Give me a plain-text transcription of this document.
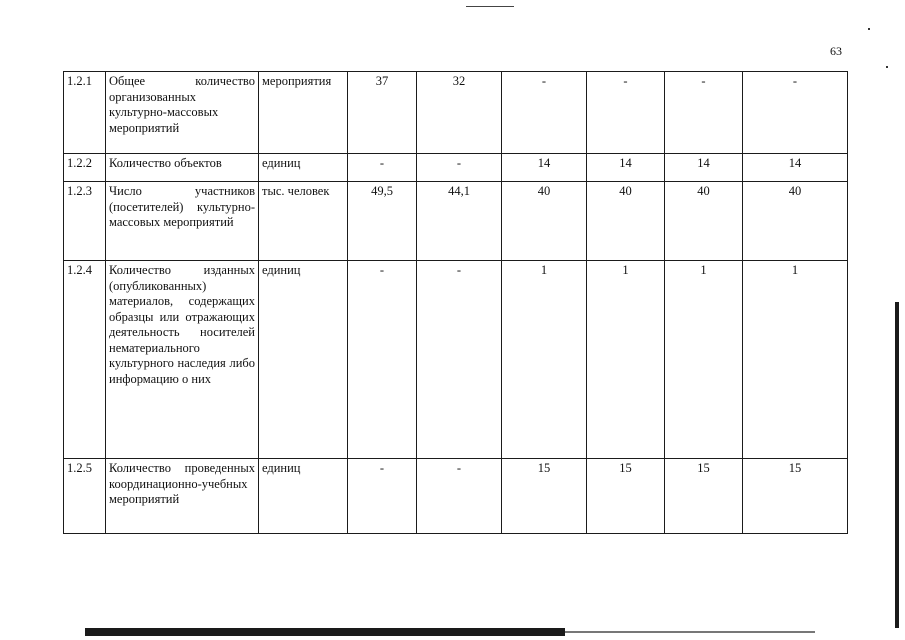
63
1.2.1	Общее количество организованных культурно-массовых мероприятий	мероприятия	37	32	-	-	-	-
1.2.2	Количество объектов	единиц	-	-	14	14	14	14
1.2.3	Число участников (посетителей) культурно-массовых мероприятий	тыс. человек	49,5	44,1	40	40	40	40
1.2.4	Количество изданных (опубликованных) материалов, содержащих образцы или отражающих деятельность носителей нематериального культурного наследия либо информацию о них	единиц	-	-	1	1	1	1
1.2.5	Количество проведенных координационно-учебных мероприятий	единиц	-	-	15	15	15	15
